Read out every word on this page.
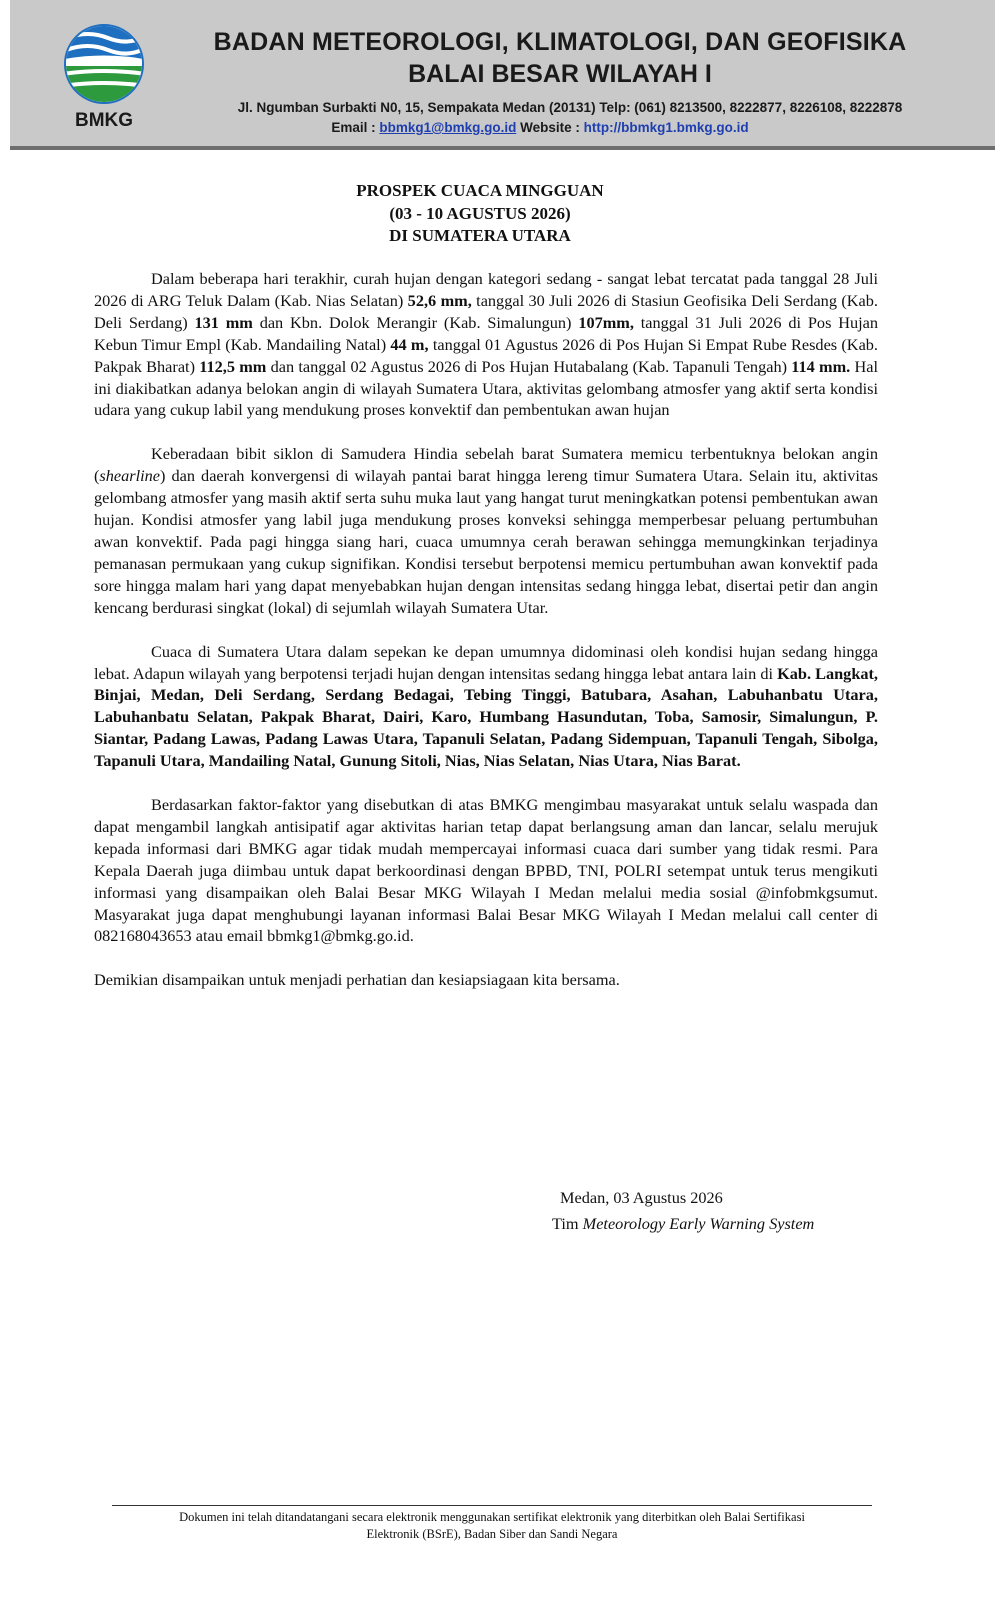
BMKG
BADAN METEOROLOGI, KLIMATOLOGI, DAN GEOFISIKA
BALAI BESAR WILAYAH I
Jl. Ngumban Surbakti N0, 15, Sempakata Medan (20131) Telp: (061) 8213500, 8222877, 8226108, 8222878
Email : bbmkg1@bmkg.go.id Website : http://bbmkg1.bmkg.go.id
PROSPEK CUACA MINGGUAN
(03 - 10 AGUSTUS 2026)
DI SUMATERA UTARA

Dalam beberapa hari terakhir, curah hujan dengan kategori sedang - sangat lebat tercatat pada tanggal 28 Juli 2026 di ARG Teluk Dalam (Kab. Nias Selatan) 52,6 mm, tanggal 30 Juli 2026 di Stasiun Geofisika Deli Serdang (Kab. Deli Serdang) 131 mm dan Kbn. Dolok Merangir (Kab. Simalungun) 107mm, tanggal 31 Juli 2026 di Pos Hujan Kebun Timur Empl (Kab. Mandailing Natal) 44 m, tanggal 01 Agustus 2026 di Pos Hujan Si Empat Rube Resdes (Kab. Pakpak Bharat) 112,5 mm dan tanggal 02 Agustus 2026 di Pos Hujan Hutabalang (Kab. Tapanuli Tengah) 114 mm. Hal ini diakibatkan adanya belokan angin di wilayah Sumatera Utara, aktivitas gelombang atmosfer yang aktif serta kondisi udara yang cukup labil yang mendukung proses konvektif dan pembentukan awan hujan

Keberadaan bibit siklon di Samudera Hindia sebelah barat Sumatera memicu terbentuknya belokan angin (shearline) dan daerah konvergensi di wilayah pantai barat hingga lereng timur Sumatera Utara. Selain itu, aktivitas gelombang atmosfer yang masih aktif serta suhu muka laut yang hangat turut meningkatkan potensi pembentukan awan hujan. Kondisi atmosfer yang labil juga mendukung proses konveksi sehingga memperbesar peluang pertumbuhan awan konvektif. Pada pagi hingga siang hari, cuaca umumnya cerah berawan sehingga memungkinkan terjadinya pemanasan permukaan yang cukup signifikan. Kondisi tersebut berpotensi memicu pertumbuhan awan konvektif pada sore hingga malam hari yang dapat menyebabkan hujan dengan intensitas sedang hingga lebat, disertai petir dan angin kencang berdurasi singkat (lokal) di sejumlah wilayah Sumatera Utar.

Cuaca di Sumatera Utara dalam sepekan ke depan umumnya didominasi oleh kondisi hujan sedang hingga lebat. Adapun wilayah yang berpotensi terjadi hujan dengan intensitas sedang hingga lebat antara lain di Kab. Langkat, Binjai, Medan, Deli Serdang, Serdang Bedagai, Tebing Tinggi, Batubara, Asahan, Labuhanbatu Utara, Labuhanbatu Selatan, Pakpak Bharat, Dairi, Karo, Humbang Hasundutan, Toba, Samosir, Simalungun, P. Siantar, Padang Lawas, Padang Lawas Utara, Tapanuli Selatan, Padang Sidempuan, Tapanuli Tengah, Sibolga, Tapanuli Utara, Mandailing Natal, Gunung Sitoli, Nias, Nias Selatan, Nias Utara, Nias Barat.

Berdasarkan faktor-faktor yang disebutkan di atas BMKG mengimbau masyarakat untuk selalu waspada dan dapat mengambil langkah antisipatif agar aktivitas harian tetap dapat berlangsung aman dan lancar, selalu merujuk kepada informasi dari BMKG agar tidak mudah mempercayai informasi cuaca dari sumber yang tidak resmi. Para Kepala Daerah juga diimbau untuk dapat berkoordinasi dengan BPBD, TNI, POLRI setempat untuk terus mengikuti informasi yang disampaikan oleh Balai Besar MKG Wilayah I Medan melalui media sosial @infobmkgsumut. Masyarakat juga dapat menghubungi layanan informasi Balai Besar MKG Wilayah I Medan melalui call center di 082168043653 atau email bbmkg1@bmkg.go.id.

Demikian disampaikan untuk menjadi perhatian dan kesiapsiagaan kita bersama.

Medan, 03 Agustus 2026
Tim Meteorology Early Warning System
Dokumen ini telah ditandatangani secara elektronik menggunakan sertifikat elektronik yang diterbitkan oleh Balai Sertifikasi
Elektronik (BSrE), Badan Siber dan Sandi Negara
